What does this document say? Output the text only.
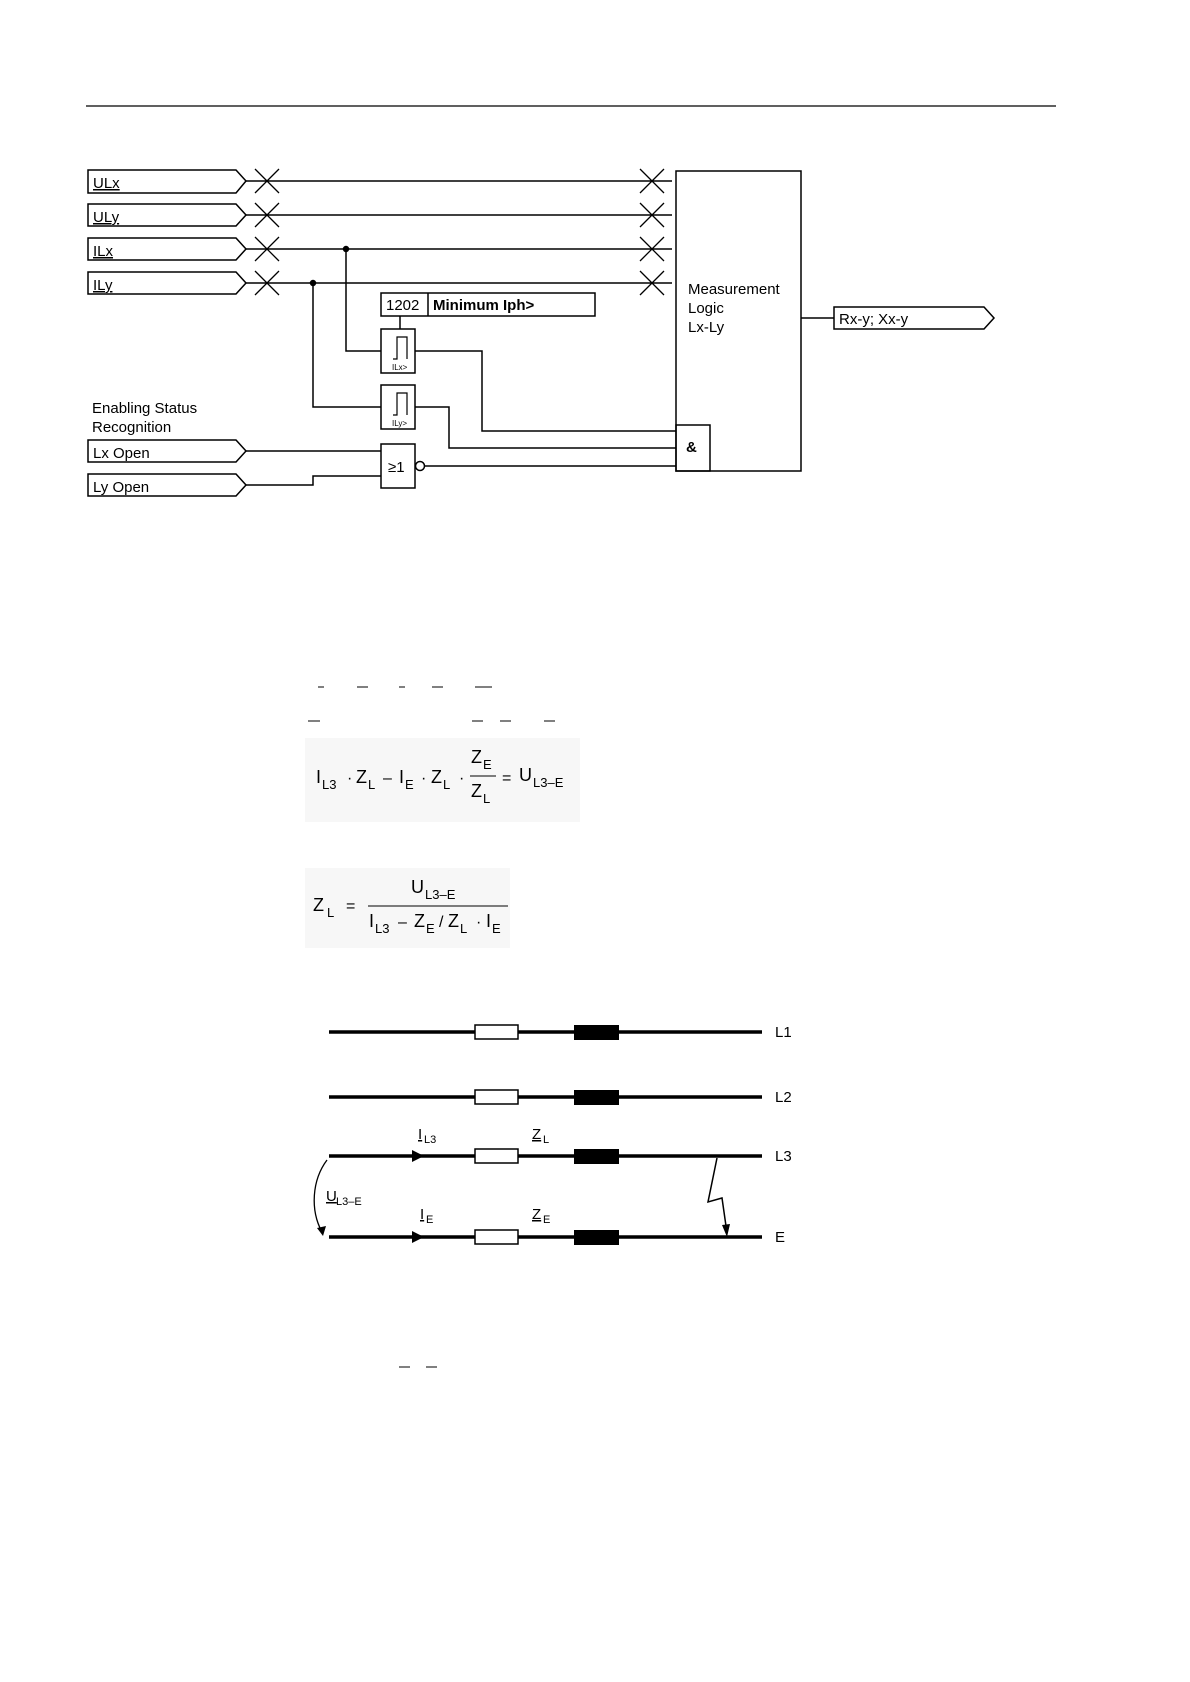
ULx
ULy
ILx
ILy
1202 Minimum Iph>
ILx>
ILy>
Enabling Status
Recognition
Lx Open
Ly Open
≥1
&
Measurement
Logic
Lx-Ly	Rx-y; Xx-y
I L3 · Z L – I E · Z L ·
Z E
Z L
= U L3–E
Z L =
U L3–E
I L3 – Z E / Z L · I E
L1
L2
L3
E
I L3	Z L
U L3–E
I E	Z E
